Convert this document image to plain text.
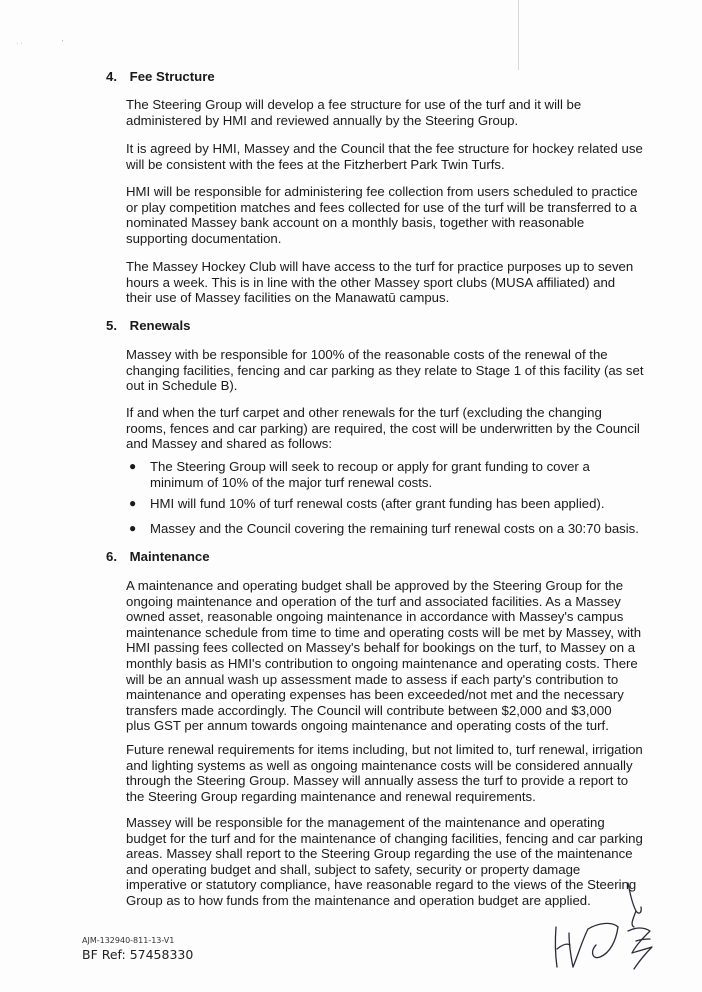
· ·	'
4. Fee Structure
The Steering Group will develop a fee structure for use of the turf and it will be
administered by HMI and reviewed annually by the Steering Group.
It is agreed by HMI, Massey and the Council that the fee structure for hockey related use
will be consistent with the fees at the Fitzherbert Park Twin Turfs.
HMI will be responsible for administering fee collection from users scheduled to practice
or play competition matches and fees collected for use of the turf will be transferred to a
nominated Massey bank account on a monthly basis, together with reasonable
supporting documentation.
The Massey Hockey Club will have access to the turf for practice purposes up to seven
hours a week. This is in line with the other Massey sport clubs (MUSA affiliated) and
their use of Massey facilities on the Manawatū campus.
5. Renewals
Massey with be responsible for 100% of the reasonable costs of the renewal of the
changing facilities, fencing and car parking as they relate to Stage 1 of this facility (as set
out in Schedule B).
If and when the turf carpet and other renewals for the turf (excluding the changing
rooms, fences and car parking) are required, the cost will be underwritten by the Council
and Massey and shared as follows:
● The Steering Group will seek to recoup or apply for grant funding to cover a
minimum of 10% of the major turf renewal costs.
● HMI will fund 10% of turf renewal costs (after grant funding has been applied).
● Massey and the Council covering the remaining turf renewal costs on a 30:70 basis.
6. Maintenance
A maintenance and operating budget shall be approved by the Steering Group for the
ongoing maintenance and operation of the turf and associated facilities. As a Massey
owned asset, reasonable ongoing maintenance in accordance with Massey's campus
maintenance schedule from time to time and operating costs will be met by Massey, with
HMI passing fees collected on Massey's behalf for bookings on the turf, to Massey on a
monthly basis as HMI's contribution to ongoing maintenance and operating costs. There
will be an annual wash up assessment made to assess if each party's contribution to
maintenance and operating expenses has been exceeded/not met and the necessary
transfers made accordingly. The Council will contribute between $2,000 and $3,000
plus GST per annum towards ongoing maintenance and operating costs of the turf.
Future renewal requirements for items including, but not limited to, turf renewal, irrigation
and lighting systems as well as ongoing maintenance costs will be considered annually
through the Steering Group. Massey will annually assess the turf to provide a report to
the Steering Group regarding maintenance and renewal requirements.
Massey will be responsible for the management of the maintenance and operating
budget for the turf and for the maintenance of changing facilities, fencing and car parking
areas. Massey shall report to the Steering Group regarding the use of the maintenance
and operating budget and shall, subject to safety, security or property damage
imperative or statutory compliance, have reasonable regard to the views of the Steering
Group as to how funds from the maintenance and operation budget are applied.
AJM-132940-811-13-V1
BF Ref: 57458330
